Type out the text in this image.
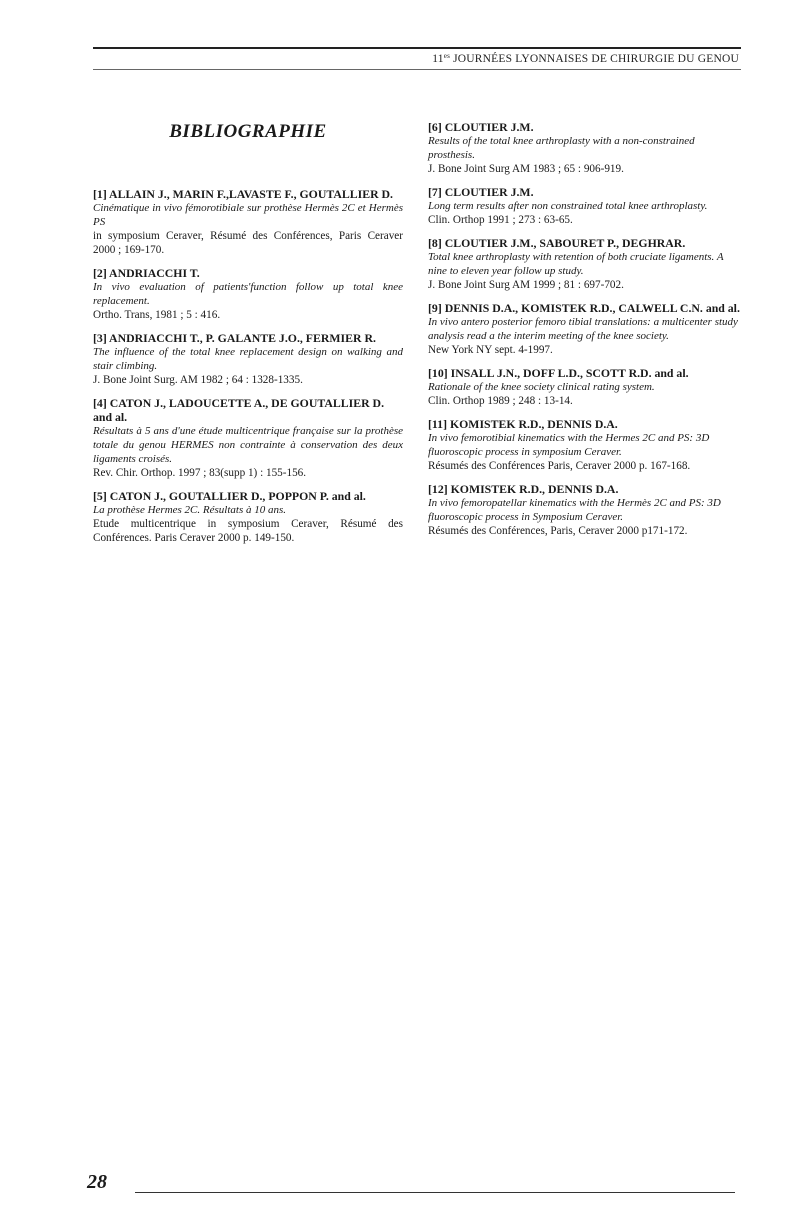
$11^{es}$ JOURNÉES LYONNAISES DE CHIRURGIE DU GENOU
BIBLIOGRAPHIE
[1] ALLAIN J., MARIN F.,LAVASTE F., GOUTALLIER D.
Cinématique in vivo fémorotibiale sur prothèse Hermès 2C et Hermès PS
in symposium Ceraver, Résumé des Conférences, Paris Ceraver 2000 ; 169-170.
[2] ANDRIACCHI T.
In vivo evaluation of patients'function follow up total knee replacement.
Ortho. Trans, 1981 ; 5 : 416.
[3] ANDRIACCHI T., P. GALANTE J.O., FERMIER R.
The influence of the total knee replacement design on walking and stair climbing.
J. Bone Joint Surg. AM 1982 ; 64 : 1328-1335.
[4] CATON J., LADOUCETTE A., DE GOUTALLIER D. and al.
Résultats à 5 ans d'une étude multicentrique française sur la prothèse totale du genou HERMES non contrainte à conservation des deux ligaments croisés.
Rev. Chir. Orthop. 1997 ; 83(supp 1) : 155-156.
[5] CATON J., GOUTALLIER D., POPPON P. and al.
La prothèse Hermes 2C. Résultats à 10 ans.
Etude multicentrique in symposium Ceraver, Résumé des Conférences. Paris Ceraver 2000 p. 149-150.
[6] CLOUTIER J.M.
Results of the total knee arthroplasty with a non-constrained prosthesis.
J. Bone Joint Surg AM 1983 ; 65 : 906-919.
[7] CLOUTIER J.M.
Long term results after non constrained total knee arthroplasty.
Clin. Orthop 1991 ; 273 : 63-65.
[8] CLOUTIER J.M., SABOURET P., DEGHRAR.
Total knee arthroplasty with retention of both cruciate ligaments. A nine to eleven year follow up study.
J. Bone Joint Surg AM 1999 ; 81 : 697-702.
[9] DENNIS D.A., KOMISTEK R.D., CALWELL C.N. and al.
In vivo antero posterior femoro tibial translations: a multicenter study analysis read a the interim meeting of the knee society.
New York NY sept. 4-1997.
[10] INSALL J.N., DOFF L.D., SCOTT R.D. and al.
Rationale of the knee society clinical rating system.
Clin. Orthop 1989 ; 248 : 13-14.
[11] KOMISTEK R.D., DENNIS D.A.
In vivo femorotibial kinematics with the Hermes 2C and PS: 3D fluoroscopic process in symposium Ceraver.
Résumés des Conférences Paris, Ceraver 2000 p. 167-168.
[12] KOMISTEK R.D., DENNIS D.A.
In vivo femoropatellar kinematics with the Hermès 2C and PS: 3D fluoroscopic process in Symposium Ceraver.
Résumés des Conférences, Paris, Ceraver 2000 p171-172.
28
